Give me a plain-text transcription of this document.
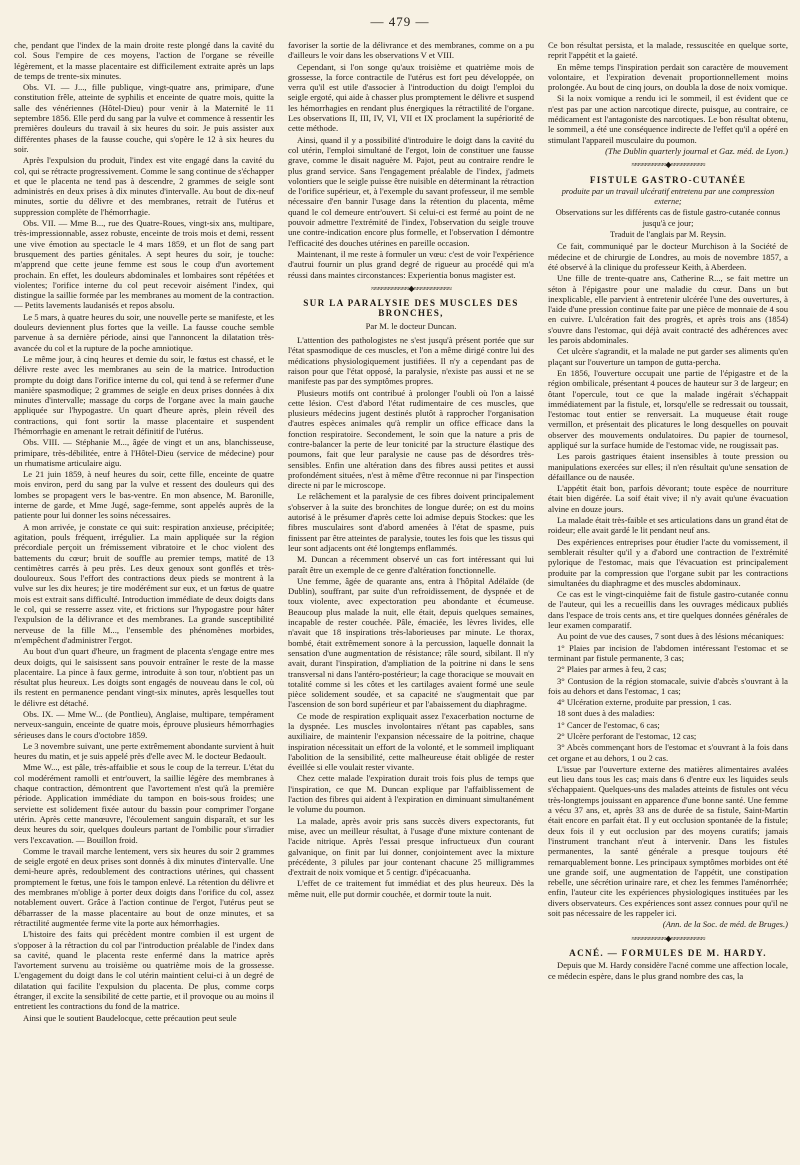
— 479 —

che, pendant que l'index de la main droite reste plongé dans la cavité du col. Sous l'empire de ces moyens, l'action de l'organe se réveille légèrement, et la masse placentaire est difficilement extraite après un laps de temps de trente-six minutes.

Obs. VI. — J..., fille publique, vingt-quatre ans, primipare, d'une constitution frêle, atteinte de syphilis et enceinte de quatre mois, quitte la salle des vénériennes (Hôtel-Dieu) pour venir à la Maternité le 11 septembre 1856. Elle perd du sang par la vulve et commence à ressentir les premières douleurs du travail à six heures du soir. Je puis assister aux différentes phases de la fausse couche, qui s'opère le 12 à six heures du soir.

Après l'expulsion du produit, l'index est vite engagé dans la cavité du col, qui se rétracte progressivement. Comme le sang continue de s'échapper et que le placenta ne tend pas à descendre, 2 grammes de seigle sont administrés en deux prises à dix minutes d'intervalle. Au bout de dix-neuf minutes, sortie du délivre et des membranes, retrait de l'utérus et suppression complète de l'hémorrhagie.

Obs. VII. — Mme B..., rue des Quatre-Roues, vingt-six ans, multipare, très-impressionnable, assez robuste, enceinte de trois mois et demi, ressent une vive émotion au spectacle le 4 mars 1859, et un flot de sang part brusquement des parties génitales. A sept heures du soir, je touche: m'apprend que cette jeune femme est sous le coup d'un avortement prochain. En effet, les douleurs abdominales et lombaires sont répétées et violentes; l'orifice interne du col peut recevoir aisément l'index, qui distingue la saillie formée par les membranes au moment de la contraction. — Petits lavements laudanisés et repos absolu.

Le 5 mars, à quatre heures du soir, une nouvelle perte se manifeste, et les douleurs deviennent plus fortes que la veille. La fausse couche semble parvenue à sa dernière période, ainsi que l'annoncent la dilatation très-avancée du col et la rupture de la poche amniotique.

Le même jour, à cinq heures et demie du soir, le fœtus est chassé, et le délivre reste avec les membranes au sein de la matrice. Introduction prompte du doigt dans l'orifice interne du col, qui tend à se refermer d'une manière spasmodique; 2 grammes de seigle en deux prises données à dix minutes d'intervalle; massage du corps de l'organe avec la main gauche appliquée sur l'hypogastre. Un quart d'heure après, plein réveil des contractions, qui font sortir la masse placentaire et suspendent l'hémorrhagie en amenant le retrait définitif de l'utérus.

Obs. VIII. — Stéphanie M..., âgée de vingt et un ans, blanchisseuse, primipare, très-débilitée, entre à l'Hôtel-Dieu (service de médecine) pour un rhumatisme articulaire aigu.

Le 21 juin 1859, à neuf heures du soir, cette fille, enceinte de quatre mois environ, perd du sang par la vulve et ressent des douleurs qui des lombes se propagent vers le bas-ventre. En mon absence, M. Baronille, interne de garde, et Mme Jugé, sage-femme, sont appelés auprès de la patiente pour lui donner les soins nécessaires.

A mon arrivée, je constate ce qui suit: respiration anxieuse, précipitée; agitation, pouls fréquent, irrégulier. La main appliquée sur la région précordiale perçoit un frémissement vibratoire et le choc violent des battements du cœur; bruit de souffle au premier temps, matité de 13 centimètres carrés à peu près. Les deux genoux sont gonflés et très-douloureux. Sous l'effort des contractions deux pieds se montrent à la vulve sur les dix heures; je tire modérément sur eux, et un fœtus de quatre mois est extrait sans difficulté. Introduction immédiate de deux doigts dans le col, qui se resserre assez vite, et frictions sur l'hypogastre pour hâter l'expulsion de la délivrance et des membranes. La grande susceptibilité nerveuse de la fille M..., l'ensemble des phénomènes morbides, m'empêchent d'administrer l'ergot.

Au bout d'un quart d'heure, un fragment de placenta s'engage entre mes deux doigts, qui le saisissent sans pouvoir entraîner le reste de la masse placentaire. La pince à faux germe, introduite à son tour, n'obtient pas un résultat plus heureux. Les doigts sont engagés de nouveau dans le col, où ils restent en permanence pendant vingt-six minutes, après lesquelles tout le délivre est détaché.

Obs. IX. — Mme W... (de Pontlieu), Anglaise, multipare, tempérament nerveux-sanguin, enceinte de quatre mois, éprouve plusieurs hémorrhagies sérieuses dans le cours d'octobre 1859.

Le 3 novembre suivant, une perte extrêmement abondante survient à huit heures du matin, et je suis appelé près d'elle avec M. le docteur Bedaoult.

Mme W..., est pâle, très-affaiblie et sous le coup de la terreur. L'état du col modérément ramolli et entr'ouvert, la saillie légère des membranes à chaque contraction, démontrent que l'avortement n'est qu'à la première période. Application immédiate du tampon en bois-sous froides; une serviette est solidement fixée autour du bassin pour comprimer l'organe utérin. Après cette manœuvre, l'écoulement sanguin disparaît, et sur les deux heures du soir, quelques douleurs partant de l'ombilic pour s'irradier vers l'excavation. — Bouillon froid.

Comme le travail marche lentement, vers six heures du soir 2 grammes de seigle ergoté en deux prises sont donnés à dix minutes d'intervalle. Une demi-heure après, redoublement des contractions utérines, qui chassent promptement le fœtus, une fois le tampon enlevé. La rétention du délivre et des membranes m'oblige à porter deux doigts dans l'orifice du col, assez notablement ouvert. Grâce à l'action continue de l'ergot, l'utérus peut se débarrasser de la masse placentaire au bout de onze minutes, et sa rétractilité augmentée ferme vite la porte aux hémorrhagies.

L'histoire des faits qui précèdent montre combien il est urgent de s'opposer à la rétraction du col par l'introduction préalable de l'index dans sa cavité, quand le placenta reste enfermé dans la matrice après l'avortement survenu au troisième ou quatrième mois de la grossesse. L'engagement du doigt dans le col utérin maintient celui-ci à un degré de dilatation qui facilite l'expulsion du placenta. De plus, comme corps étranger, il excite la sensibilité de cette partie, et il provoque ou au moins il entretient les contractions du fond de la matrice.

Ainsi que le soutient Baudelocque, cette précaution peut seule

favoriser la sortie de la délivrance et des membranes, comme on a pu d'ailleurs le voir dans les observations V et VIII.

Cependant, si l'on songe qu'aux troisième et quatrième mois de grossesse, la force contractile de l'utérus est fort peu développée, on verra qu'il est utile d'associer à l'introduction du doigt l'emploi du seigle ergoté, qui aide à chasser plus promptement le délivre et suspend les hémorrhagies en rendant plus énergiques la rétractilité de l'organe. Les observations II, III, IV, VI, VII et IX proclament la supériorité de cette méthode.

Ainsi, quand il y a possibilité d'introduire le doigt dans la cavité du col utérin, l'emploi simultané de l'ergot, loin de constituer une fausse grave, comme le disait naguère M. Pajot, peut au contraire rendre le plus grand service. Sans l'engagement préalable de l'index, j'admets volontiers que le seigle puisse être nuisible en déterminant la rétraction de l'orifice supérieur, et, à l'exemple du savant professeur, il me semble nécessaire d'en bannir l'usage dans la rétention du placenta, même quand le col demeure entr'ouvert. Si celui-ci est fermé au point de ne pouvoir admettre l'extrémité de l'index, l'observation du seigle trouve une contre-indication encore plus formelle, et l'observation I démontre l'efficacité des douches utérines en pareille occasion.

Maintenant, il me reste à formuler un vœu: c'est de voir l'expérience d'autrui fournir un plus grand degré de rigueur au procédé qui m'a réussi dans maintes circonstances: Experientia bonus magister est.

≈≈≈≈≈≈≈≈≈≈≈◆≈≈≈≈≈≈≈≈≈≈≈
SUR LA PARALYSIE DES MUSCLES DES BRONCHES,
Par M. le docteur Duncan.

L'attention des pathologistes ne s'est jusqu'à présent portée que sur l'état spasmodique de ces muscles, et l'on a même dirigé contre lui des médications physiologiquement justifiées. Il n'y a cependant pas de raison pour que l'état opposé, la paralysie, n'existe pas aussi et ne se manifeste pas par des symptômes propres.

Plusieurs motifs ont contribué à prolonger l'oubli où l'on a laissé cette lésion. C'est d'abord l'état rudimentaire de ces muscles, que plusieurs médecins jugent destinés plutôt à rapprocher l'organisation d'autres espèces animales qu'à remplir un office efficace dans la fonction respiratoire. Secondement, le soin que la nature a pris de contre-balancer la perte de leur tonicité par la structure élastique des poumons, fait que leur paralysie ne cause pas de désordres très-sensibles. Enfin une altération dans des fibres aussi petites et aussi profondément situées, n'est à même d'être reconnue ni par l'inspection directe ni par le microscope.

Le relâchement et la paralysie de ces fibres doivent principalement s'observer à la suite des bronchites de longue durée; on est du moins autorisé à le présumer d'après cette loi admise depuis Stockes: que les fibres musculaires sont d'abord amenées à l'état de spasme, puis finissent par être atteintes de paralysie, toutes les fois que les tissus qui leur sont adjacents ont été longtemps enflammés.

M. Duncan a récemment observé un cas fort intéressant qui lui paraît être un exemple de ce genre d'altération fonctionnelle.

Une femme, âgée de quarante ans, entra à l'hôpital Adélaïde (de Dublin), souffrant, par suite d'un refroidissement, de dyspnée et de toux violente, avec expectoration peu abondante et écumeuse. Beaucoup plus malade la nuit, elle était, depuis quelques semaines, incapable de rester couchée. Pâle, émaciée, les lèvres livides, elle n'avait que 18 inspirations très-laborieuses par minute. Le thorax, bombé, était extrêmement sonore à la percussion, laquelle donnait la sensation d'une augmentation de résistance; râle sourd, sibilant. Il n'y avait, durant l'inspiration, d'ampliation de la poitrine ni dans le sens transversal ni dans l'antéro-postérieur; la cage thoracique se mouvait en totalité comme si les côtes et les cartilages avaient formé une seule pièce solidement soudée, et sa capacité ne s'augmentait que par l'ascension de son bord supérieur et par l'abaissement du diaphragme.

Ce mode de respiration expliquait assez l'exacerbation nocturne de la dyspnée. Les muscles involontaires n'étant pas capables, sans auxiliaire, de maintenir l'expansion nécessaire de la poitrine, chaque inspiration nécessitait un effort de la volonté, et le sommeil impliquant l'abolition de la sensibilité, cette malheureuse était obligée de rester éveillée si elle voulait rester vivante.

Chez cette malade l'expiration durait trois fois plus de temps que l'inspiration, ce que M. Duncan explique par l'affaiblissement de l'action des fibres qui aident à l'expiration en diminuant simultanément le volume du poumon.

La malade, après avoir pris sans succès divers expectorants, fut mise, avec un meilleur résultat, à l'usage d'une mixture contenant de l'acide nitrique. Après l'essai presque infructueux d'un courant galvanique, on finit par lui donner, conjointement avec la mixture précédente, 3 pilules par jour contenant chacune 25 milligrammes d'extrait de noix vomique et 5 centigr. d'ipécacuanha.

L'effet de ce traitement fut immédiat et des plus heureux. Dès la même nuit, elle put dormir couchée, et dormir toute la nuit.

Ce bon résultat persista, et la malade, ressuscitée en quelque sorte, reprit l'appétit et la gaieté.

En même temps l'inspiration perdait son caractère de mouvement volontaire, et l'expiration devenait proportionnellement moins prolongée. Au bout de cinq jours, on doubla la dose de noix vomique.

Si la noix vomique a rendu ici le sommeil, il est évident que ce n'est pas par une action narcotique directe, puisque, au contraire, ce médicament est l'antagoniste des narcotiques. Le bon résultat obtenu, le sommeil, a été une conséquence indirecte de l'effet qu'il a opéré en stimulant l'appareil musculaire du poumon.

(The Dublin quarterly journal et Gaz. méd. de Lyon.)
≈≈≈≈≈≈≈≈≈≈◆≈≈≈≈≈≈≈≈≈≈
FISTULE GASTRO-CUTANÉE
produite par un travail ulcératif entretenu par une compression externe;
Observations sur les différents cas de fistule gastro-cutanée connus jusqu'à ce jour;
Traduit de l'anglais par M. Reysin.

Ce fait, communiqué par le docteur Murchison à la Société de médecine et de chirurgie de Londres, au mois de novembre 1857, a été observé à la clinique du professeur Keith, à Aberdeen.

Une fille de trente-quatre ans, Catherine R..., se fait mettre un séton à l'épigastre pour une maladie du cœur. Dans un but inexplicable, elle parvient à entretenir ulcérée l'une des ouvertures, à l'aide d'une pression continue faite par une pièce de monnaie de 4 sou en cuivre. L'ulcération fait des progrès, et après trois ans (1854) s'ouvre dans l'estomac, qui déjà avait contracté des adhérences avec les parois abdominales.

Cet ulcère s'agrandit, et la malade ne put garder ses aliments qu'en plaçant sur l'ouverture un tampon de gutta-percha.

En 1856, l'ouverture occupait une partie de l'épigastre et de la région ombilicale, présentant 4 pouces de hauteur sur 3 de largeur; en ôtant l'opercule, tout ce que la malade ingérait s'échappait immédiatement par la fistule, et, lorsqu'elle se redressait ou toussait, l'estomac tout entier se renversait. La muqueuse était rouge vermillon, et présentait des plicatures le long desquelles on pouvait observer des mouvements ondulatoires. Du papier de tournesol, appliqué sur la surface humide de l'estomac vide, ne rougissait pas.

Les parois gastriques étaient insensibles à toute pression ou manipulations exercées sur elles; il n'en résultait qu'une sensation de défaillance ou de nausée.

L'appétit était bon, parfois dévorant; toute espèce de nourriture était bien digérée. La soif était vive; il n'y avait qu'une évacuation alvine en douze jours.

La malade était très-faible et ses articulations dans un grand état de roideur; elle avait gardé le lit pendant neuf ans.

Des expériences entreprises pour étudier l'acte du vomissement, il semblerait résulter qu'il y a d'abord une contraction de l'extrémité pylorique de l'estomac, mais que l'évacuation est principalement produite par la compression que l'organe subit par les contractions simultanées du diaphragme et des muscles abdominaux.

Ce cas est le vingt-cinquième fait de fistule gastro-cutanée connu de l'auteur, qui les a recueillis dans les ouvrages médicaux publiés dans l'espace de trois cents ans, et tire quelques données générales de leur examen comparatif.

Au point de vue des causes, 7 sont dues à des lésions mécaniques:

1° Plaies par incision de l'abdomen intéressant l'estomac et se terminant par fistule permanente, 3 cas;

2° Plaies par armes à feu, 2 cas;

3° Contusion de la région stomacale, suivie d'abcès s'ouvrant à la fois au dehors et dans l'estomac, 1 cas;

4° Ulcération externe, produite par pression, 1 cas.

18 sont dues à des maladies:

1° Cancer de l'estomac, 6 cas;

2° Ulcère perforant de l'estomac, 12 cas;

3° Abcès commençant hors de l'estomac et s'ouvrant à la fois dans cet organe et au dehors, 1 ou 2 cas.

L'issue par l'ouverture externe des matières alimentaires avalées eut lieu dans tous les cas; mais dans 6 d'entre eux les liquides seuls s'échappaient. Quelques-uns des malades atteints de fistules ont vécu très-longtemps jouissant en apparence d'une bonne santé. Une femme a vécu 37 ans, et, après 33 ans de durée de sa fistule, Saint-Martin était encore en parfait état. Il y eut occlusion spontanée de la fistule; deux fois il y eut occlusion par des moyens curatifs; jamais l'instrument tranchant n'eut à intervenir. Dans les fistules permanentes, la santé générale a presque toujours été remarquablement bonne. Les principaux symptômes morbides ont été une grande soif, une augmentation de l'appétit, une constipation rebelle, une sécrétion urinaire rare, et chez les femmes l'aménorrhée; enfin, l'auteur cite les expériences physiologiques instituées par les divers observateurs. Ces expériences sont assez connues pour qu'il ne soit pas nécessaire de les rappeler ici.

(Ann. de la Soc. de méd. de Bruges.)
≈≈≈≈≈≈≈≈≈≈◆≈≈≈≈≈≈≈≈≈≈
ACNÉ. — FORMULES DE M. HARDY.

Depuis que M. Hardy considère l'acné comme une affection locale, ce médecin espère, dans le plus grand nombre des cas, la
